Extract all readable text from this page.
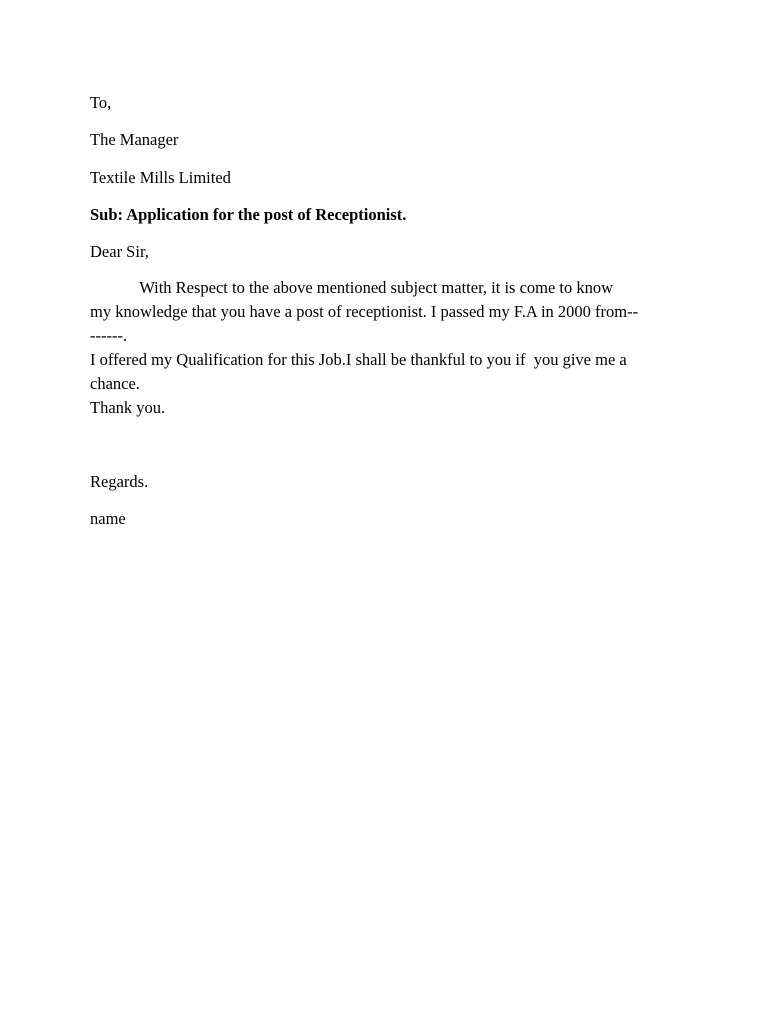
To,
The Manager
Textile Mills Limited
Sub: Application for the post of Receptionist.
Dear Sir,
With Respect to the above mentioned subject matter, it is come to know
my knowledge that you have a post of receptionist. I passed my F.A in 2000 from--
------.
I offered my Qualification for this Job.I shall be thankful to you if  you give me a
chance.
Thank you.
Regards.
name
